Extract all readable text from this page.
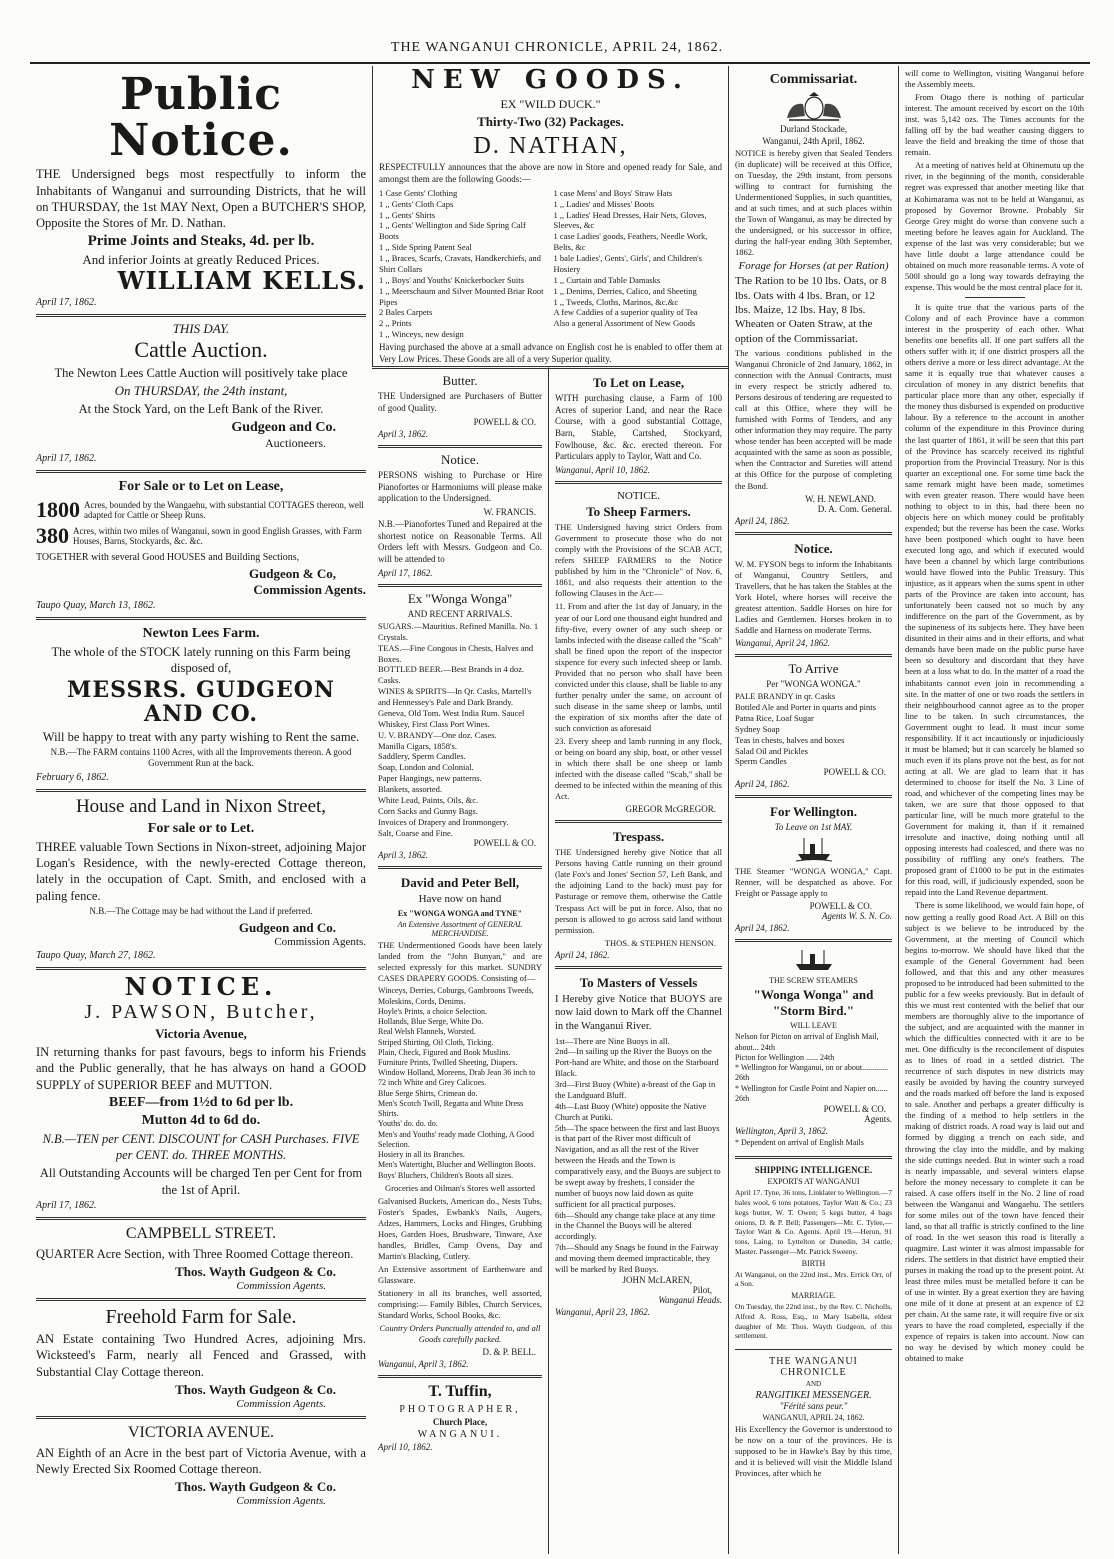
THE WANGANUI CHRONICLE, APRIL 24, 1862.
Public Notice.

THE Undersigned begs most respectfully to inform the Inhabitants of Wanganui and surrounding Districts, that he will on THURSDAY, the 1st MAY Next, Open a BUTCHER'S SHOP, Opposite the Stores of Mr. D. Nathan.

Prime Joints and Steaks, 4d. per lb.
And inferior Joints at greatly Reduced Prices.
WILLIAM KELLS.
April 17, 1862.
THIS DAY.
Cattle Auction.

The Newton Lees Cattle Auction will positively take place

On THURSDAY, the 24th instant,

At the Stock Yard, on the Left Bank of the River.

Gudgeon and Co.
Auctioneers.
April 17, 1862.
For Sale or to Let on Lease,
1800 Acres, bounded by the Wangaehu, with substantial COTTAGES thereon, well adapted for Cattle or Sheep Runs.
380 Acres, within two miles of Wanganui, sown in good English Grasses, with Farm Houses, Barns, Stockyards, &c. &c.

TOGETHER with several Good HOUSES and Building Sections,

Gudgeon & Co,
Commission Agents.
Taupo Quay, March 13, 1862.
Newton Lees Farm.

The whole of the STOCK lately running on this Farm being disposed of,

MESSRS. GUDGEON AND CO.

Will be happy to treat with any party wishing to Rent the same.

N.B.—The FARM contains 1100 Acres, with all the Improvements thereon. A good Government Run at the back.

February 6, 1862.
House and Land in Nixon Street,
For sale or to Let.

THREE valuable Town Sections in Nixon-street, adjoining Major Logan's Residence, with the newly-erected Cottage thereon, lately in the occupation of Capt. Smith, and enclosed with a paling fence.

N.B.—The Cottage may be had without the Land if preferred.

Gudgeon and Co.
Commission Agents.
Taupo Quay, March 27, 1862.
NOTICE.
J. PAWSON, Butcher,
Victoria Avenue,

IN returning thanks for past favours, begs to inform his Friends and the Public generally, that he has always on hand a GOOD SUPPLY of SUPERIOR BEEF and MUTTON.

BEEF—from 1½d to 6d per lb.
Mutton 4d to 6d do.

N.B.—TEN per CENT. DISCOUNT for CASH Purchases. FIVE per CENT. do. THREE MONTHS.

All Outstanding Accounts will be charged Ten per Cent for from the 1st of April.

April 17, 1862.
CAMPBELL STREET.

QUARTER Acre Section, with Three Roomed Cottage thereon.

Thos. Wayth Gudgeon & Co.
Commission Agents.
Freehold Farm for Sale.

AN Estate containing Two Hundred Acres, adjoining Mrs. Wicksteed's Farm, nearly all Fenced and Grassed, with Substantial Clay Cottage thereon.

Thos. Wayth Gudgeon & Co.
Commission Agents.
VICTORIA AVENUE.

AN Eighth of an Acre in the best part of Victoria Avenue, with a Newly Erected Six Roomed Cottage thereon.

Thos. Wayth Gudgeon & Co.
Commission Agents.
NEW GOODS.
EX "WILD DUCK."
Thirty-Two (32) Packages.
D. NATHAN,

RESPECTFULLY announces that the above are now in Store and opened ready for Sale, and amongst them are the following Goods:—

1 Case Gents' Clothing
1 ,, Gents' Cloth Caps
1 ,, Gents' Shirts
1 ,, Gents' Wellington and Side Spring Calf Boots
1 ,, Side Spring Patent Seal
1 ,, Braces, Scarfs, Cravats, Handkerchiefs, and Shirt Collars
1 ,, Boys' and Youths' Knickerbocker Suits
1 ,, Meerschaum and Silver Mounted Briar Root Pipes
2 Bales Carpets
2 ,, Prints
1 ,, Winceys, new design
1 case Mens' and Boys' Straw Hats
1 ,, Ladies' and Misses' Boots
1 ,, Ladies' Head Dresses, Hair Nets, Gloves, Sleeves, &c
1 case Ladies' goods, Feathers, Needle Work, Belts, &c
1 bale Ladies', Gents', Girls', and Children's Hosiery
1 ,, Curtain and Table Damasks
1 ,, Denims, Derries, Calico, and Sheeting
1 ,, Tweeds, Cloths, Marinos, &c.&c
A few Caddies of a superior quality of Tea
Also a general Assortment of New Goods

Having purchased the above at a small advance on English cost he is enabled to offer them at Very Low Prices. These Goods are all of a very Superior quality.

Butter.

THE Undersigned are Purchasers of Butter of good Quality.

POWELL & CO.
April 3, 1862.
Notice.

PERSONS wishing to Purchase or Hire Pianofortes or Harmoniums will please make application to the Undersigned.

W. FRANCIS.

N.B.—Pianofortes Tuned and Repaired at the shortest notice on Reasonable Terms. All Orders left with Messrs. Gudgeon and Co. will be attended to

April 17, 1862.
Ex "Wonga Wonga"
AND RECENT ARRIVALS.
SUGARS.—Mauritius. Refined Manilla. No. 1 Crystals.
TEAS.—Fine Congous in Chests, Halves and Boxes.
BOTTLED BEER.—Best Brands in 4 doz. Casks.
WINES & SPIRITS—In Qr. Casks, Martell's and Hennessey's Pale and Dark Brandy. Geneva, Old Tom. West India Rum. Saucel Whiskey, First Class Port Wines.
U. V. BRANDY—One doz. Cases.
Manilla Cigars, 1858's.
Saddlery, Sperm Candles.
Soap, London and Colonial.
Paper Hangings, new patterns.
Blankets, assorted.
White Lead, Paints, Oils, &c.
Corn Sacks and Gunny Bags.
Invoices of Drapery and Ironmongery.
Salt, Coarse and Fine.
POWELL & CO.
April 3, 1862.
David and Peter Bell,
Have now on hand
Ex "WONGA WONGA and TYNE"
An Extensive Assortment of GENERAL MERCHANDISE.

THE Undermentioned Goods have been lately landed from the "John Bunyan," and are selected expressly for this market. SUNDRY CASES DRAPERY GOODS. Consisting of—

Winceys, Derries, Coburgs, Gambroons Tweeds, Moleskins, Cords, Denims.
Hoyle's Prints, a choice Selection.
Hollands, Blue Serge, White Do.
Real Welsh Flannels, Worsted.
Striped Shirting, Oil Cloth, Ticking.
Plain, Check, Figured and Book Muslins.
Furniture Prints, Twilled Sheeting, Diapers.
Window Holland, Moreens, Drab Jean 36 inch to 72 inch White and Grey Calicoes.
Blue Serge Shirts, Crimean do.
Men's Scotch Twill, Regatta and White Dress Shirts.
Youths' do. do. do.
Men's and Youths' ready made Clothing, A Good Selection.
Hosiery in all its Branches.
Men's Watertight, Blucher and Wellington Boots.
Boys' Bluchers, Children's Boots all sizes.

Groceries and Oilman's Stores well assorted

Galvanised Buckets, American do., Nests Tubs, Foster's Spades, Ewbank's Nails, Augers, Adzes, Hammers, Locks and Hinges, Grubbing Hoes, Garden Hoes, Brushware, Tinware, Axe handles, Bridles, Camp Ovens, Day and Martin's Blacking, Cutlery.

An Extensive assortment of Earthenware and Glassware.

Stationery in all its branches, well assorted, comprising:— Family Bibles, Church Services, Standard Works, School Books, &c.

Country Orders Punctually attended to, and all Goods carefully packed.

D. & P. BELL.
Wanganui, April 3, 1862.
T. Tuffin,
PHOTOGRAPHER,
Church Place,
WANGANUI.
April 10, 1862.
To Let on Lease,

WITH purchasing clause, a Farm of 100 Acres of superior Land, and near the Race Course, with a good substantial Cottage, Barn, Stable, Cartshed, Stockyard, Fowlhouse, &c. &c. erected thereon. For Particulars apply to Taylor, Watt and Co.

Wanganui, April 10, 1862.
NOTICE.
To Sheep Farmers.

THE Undersigned having strict Orders from Government to prosecute those who do not comply with the Provisions of the SCAB ACT, refers SHEEP FARMERS to the Notice published by him in the "Chronicle" of Nov. 6, 1861, and also requests their attention to the following Clauses in the Act:—

11. From and after the 1st day of January, in the year of our Lord one thousand eight hundred and fifty-five, every owner of any such sheep or lambs infected with the disease called the "Scab" shall be fined upon the report of the inspector sixpence for every such infected sheep or lamb. Provided that no person who shall have been convicted under this clause, shall be liable to any further penalty under the same, on account of such disease in the same sheep or lambs, until the expiration of six months after the date of such conviction as aforesaid

23. Every sheep and lamb running in any flock, or being on board any ship, boat, or other vessel in which there shall be one sheep or lamb infected with the disease called "Scab," shall be deemed to be infected within the meaning of this Act.

GREGOR McGREGOR.
Trespass.

THE Undersigned hereby give Notice that all Persons having Cattle running on their ground (late Fox's and Jones' Section 57, Left Bank, and the adjoining Land to the back) must pay for Pasturage or remove them, otherwise the Cattle Trespass Act will be put in force. Also, that no person is allowed to go across said land without permission.

THOS. & STEPHEN HENSON.
April 24, 1862.
To Masters of Vessels

I Hereby give Notice that BUOYS are now laid down to Mark off the Channel in the Wanganui River.

1st—There are Nine Buoys in all.
2nd—In sailing up the River the Buoys on the Port-hand are White, and those on the Starboard Black.
3rd—First Buoy (White) a-breast of the Gap in the Landguard Bluff.
4th—Last Buoy (White) opposite the Native Church at Putiki.
5th—The space between the first and last Buoys is that part of the River most difficult of Navigation, and as all the rest of the River between the Heads and the Town is comparatively easy, and the Buoys are subject to be swept away by freshets, I consider the number of buoys now laid down as quite sufficient for all practical purposes.
6th—Should any change take place at any time in the Channel the Buoys will be altered accordingly.
7th—Should any Snags be found in the Fairway and moving them deemed impracticable, they will be marked by Red Buoys.
JOHN McLAREN,
Pilot,
Wanganui Heads.
Wanganui, April 23, 1862.
Commissariat.
Durland Stockade,
Wanganui, 24th April, 1862.

NOTICE is hereby given that Sealed Tenders (in duplicate) will be received at this Office, on Tuesday, the 29th instant, from persons willing to contract for furnishing the Undermentioned Supplies, in such quantities, and at such times, and at such places within the Town of Wanganui, as may be directed by the undersigned, or his successor in office, during the half-year ending 30th September, 1862.

Forage for Horses (at per Ration)

The Ration to be 10 lbs. Oats, or 8 lbs. Oats with 4 lbs. Bran, or 12 lbs. Maize, 12 lbs. Hay, 8 lbs. Wheaten or Oaten Straw, at the option of the Commissariat.

The various conditions published in the Wanganui Chronicle of 2nd January, 1862, in connection with the Annual Contracts, must in every respect be strictly adhered to. Persons desirous of tendering are requested to call at this Office, where they will be furnished with Forms of Tenders, and any other information they may require. The party whose tender has been accepted will be made acquainted with the same as soon as possible, when the Contractor and Sureties will attend at this Office for the purpose of completing the Bond.

W. H. NEWLAND.
D. A. Com. General.
April 24, 1862.
Notice.

W. M. FYSON begs to inform the Inhabitants of Wanganui, Country Settlers, and Travellers, that he has taken the Stables at the York Hotel, where horses will receive the greatest attention. Saddle Horses on hire for Ladies and Gentlemen. Horses broken in to Saddle and Harness on moderate Terms.

Wanganui, April 24, 1862.
To Arrive
Per "WONGA WONGA."
PALE BRANDY in qr. Casks
Bottled Ale and Porter in quarts and pints
Patna Rice, Loaf Sugar
Sydney Soap
Teas in chests, halves and boxes
Salad Oil and Pickles
Sperm Candles
POWELL & CO.
April 24, 1862.
For Wellington.
To Leave on 1st MAY.

THE Steamer "WONGA WONGA," Capt. Renner, will be despatched as above. For Freight or Passage apply to

POWELL & CO.
Agents W. S. N. Co.
April 24, 1862.
THE SCREW STEAMERS
"Wonga Wonga" and "Storm Bird."
WILL LEAVE
Nelson for Picton on arrival of English Mail, about... 24th
Picton for Wellington ...... 24th
* Wellington for Wanganui, on or about............. 26th
* Wellington for Castle Point and Napier on...... 26th
POWELL & CO.
Agents.
Wellington, April 3, 1862.

* Dependent on arrival of English Mails

SHIPPING INTELLIGENCE.
EXPORTS AT WANGANUI

April 17. Tyne, 36 tons, Linklater to Wellington.—7 bales wool, 6 tons potatoes, Taylor Watt & Co.; 23 kegs butter, W. T. Owen; 5 kegs butter, 4 bags onions, D. & P. Bell; Passengers—Mr. C. Tylee,—Taylor Watt & Co. Agents. April 19.—Heron, 91 tons, Laing, to Lyttelton or Dunedin, 34 cattle, Master. Passenger—Mr. Patrick Sweeny.

BIRTH

At Wanganui, on the 22nd inst., Mrs. Errick Orr, of a Son.

MARRIAGE.

On Tuesday, the 22nd inst., by the Rev. C. Nicholls, Alfred A. Ross, Esq., to Mary Isabella, eldest daughter of Mr. Thos. Wayth Gudgeon, of this settlement.

THE WANGANUI CHRONICLE
AND
RANGITIKEI MESSENGER.
"Férité sans peur."
WANGANUI, APRIL 24, 1862.

His Excellency the Governor is understood to be now on a tour of the provinces. He is supposed to be in Hawke's Bay by this time, and it is believed will visit the Middle Island Provinces, after which he

will come to Wellington, visiting Wanganui before the Assembly meets.

From Otago there is nothing of particular interest. The amount received by escort on the 10th inst. was 5,142 ozs. The Times accounts for the falling off by the bad weather causing diggers to leave the field and breaking the time of those that remain.

At a meeting of natives held at Ohinemutu up the river, in the beginning of the month, considerable regret was expressed that another meeting like that at Kohimarama was not to be held at Wanganui, as proposed by Governor Browne. Probably Sir George Grey might do worse than convene such a meeting before he leaves again for Auckland. The expense of the last was very considerable; but we have little doubt a large attendance could be obtained on much more reasonable terms. A vote of 500l should go a long way towards defraying the expense. This would be the most central place for it.

It is quite true that the various parts of the Colony and of each Province have a common interest in the prosperity of each other. What benefits one benefits all. If one part suffers all the others suffer with it; if one district prospers all the others derive a more or less direct advantage. At the same it is equally true that whatever causes a circulation of money in any district benefits that particular place more than any other, especially if the money thus disbursed is expended on productive labour. By a reference to the account in another column of the expenditure in this Province during the last quarter of 1861, it will be seen that this part of the Province has scarcely received its rightful proportion from the Provincial Treasury. Nor is this quarter an exceptional one. For some time back the same remark might have been made, sometimes with even greater reason. There would have been nothing to object to in this, had there been no objects here on which money could be profitably expended; but the reverse has been the case. Works have been postponed which ought to have been executed long ago, and which if executed would have been a channel by which large contributions would have flowed into the Public Treasury. This injustice, as it appears when the sums spent in other parts of the Province are taken into account, has unfortunately been caused not so much by any indifference on the part of the Government, as by the supineness of its subjects here. They have been disunited in their aims and in their efforts, and what demands have been made on the public purse have been so desultory and discordant that they have been at a loss what to do. In the matter of a road the inhabitants cannot even join in recommending a site. In the matter of one or two roads the settlers in their neighbourhood cannot agree as to the proper line to be taken. In such circumstances, the Government ought to lead. It must incur some responsibility. If it act incautiously or injudiciously it must be blamed; but it can scarcely be blamed so much even if its plans prove not the best, as for not acting at all. We are glad to learn that it has determined to choose for itself the No. 3 Line of road, and whichever of the competing lines may be taken, we are sure that those opposed to that particular line, will be much more grateful to the Government for making it, than if it remained irresolute and inactive, doing nothing until all opposing interests had coalesced, and there was no possibility of ruffling any one's feathers. The proposed grant of £1000 to be put in the estimates for this road, will, if judiciously expended, soon be repaid into the Land Revenue department.

There is some likelihood, we would fain hope, of now getting a really good Road Act. A Bill on this subject is we believe to be introduced by the Government, at the meeting of Council which begins to-morrow. We should have liked that the example of the General Government had been followed, and that this and any other measures proposed to be introduced had been submitted to the public for a few weeks previously. But in default of this we must rest contented with the belief that our members are thoroughly alive to the importance of the subject, and are acquainted with the manner in which the difficulties connected with it are to be met. One difficulty is the reconcilement of disputes as to lines of road in a settled district. The recurrence of such disputes in new districts may easily be avoided by having the country surveyed and the roads marked off before the land is exposed to sale. Another and perhaps a greater difficulty is the finding of a method to help settlers in the making of district roads. A road way is laid out and formed by digging a trench on each side, and throwing the clay into the middle, and by making the side cuttings needed. But in winter such a road is nearly impassable, and several winters elapse before the money necessary to complete it can be raised. A case offers itself in the No. 2 line of road between the Wanganui and Wangaehu. The settlers for some miles out of the town have fenced their land, so that all traffic is strictly confined to the line of road. In the wet season this road is literally a quagmire. Last winter it was almost impassable for riders. The settlers in that district have emptied their purses in making the road up to the present point. At least three miles must be metalled before it can be of use in winter. By a great exertion they are having one mile of it done at present at an expence of £2 per chain. At the same rate, it will require five or six years to have the road completed, especially if the expence of repairs is taken into account. Now can no way be devised by which money could be obtained to make
